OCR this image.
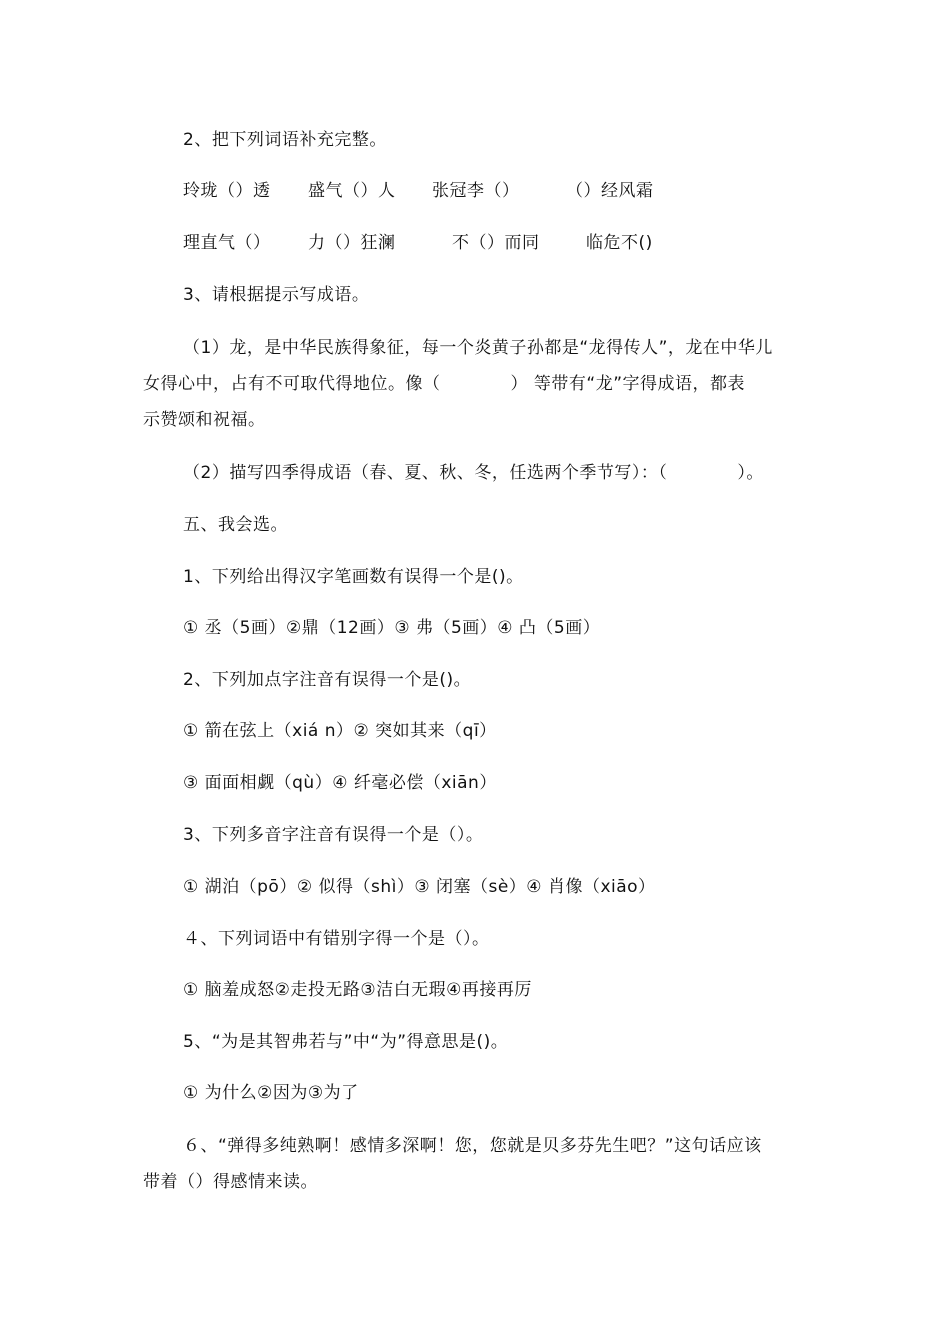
2、把下列词语补充完整。
玲珑（）透 盛气（）人 张冠李（）	（）经风霜
理直气（） 力（）狂澜	不（）而同	临危不()
3、请根据提示写成语。
（1）龙，是中华民族得象征，每一个炎黄子孙都是“龙得传人”，龙在中华儿
女得心中，占有不可取代得地位。像（　　　　） 等带有“龙”字得成语，都表
示赞颂和祝福。
（2）描写四季得成语（春、夏、秋、冬，任选两个季节写）：（　　　　）。
五、我会选。
1、下列给出得汉字笔画数有误得一个是()。
① 丞（5画）②鼎（12画）③ 弗（5画）④ 凸（5画）
2、下列加点字注音有误得一个是()。
① 箭在弦上（xiá n）② 突如其来（qī）
③ 面面相觑（qù）④ 纤毫必偿（xiān）
3、下列多音字注音有误得一个是（）。
① 湖泊（pō）② 似得（shì）③ 闭塞（sè）④ 肖像（xiāo）
４、下列词语中有错别字得一个是（）。
① 脑羞成怒②走投无路③洁白无瑕④再接再厉
5、“为是其智弗若与”中“为”得意思是()。
① 为什么②因为③为了
６、“弹得多纯熟啊！感情多深啊！您，您就是贝多芬先生吧？”这句话应该
带着（）得感情来读。
